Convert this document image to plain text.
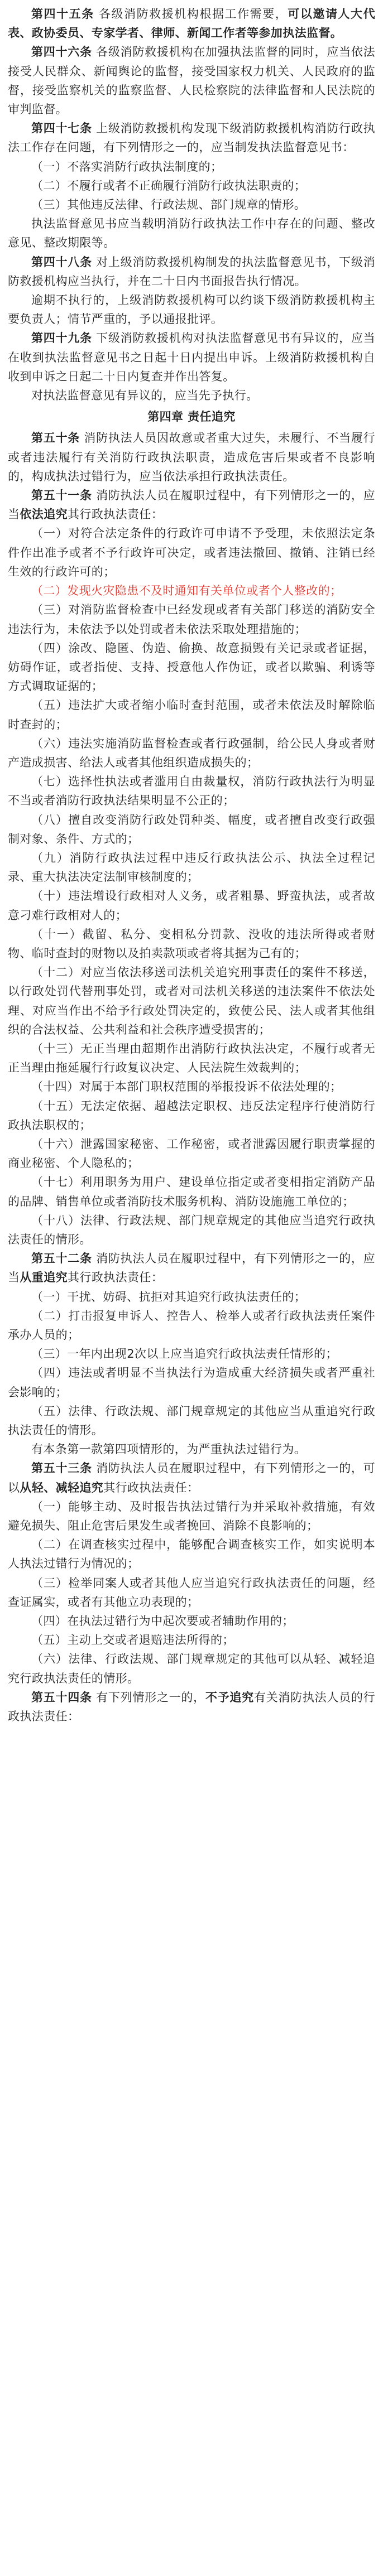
第四十五条 各级消防救援机构根据工作需要，可以邀请人大代表、政协委员、专家学者、律师、新闻工作者等参加执法监督。

第四十六条 各级消防救援机构在加强执法监督的同时，应当依法接受人民群众、新闻舆论的监督，接受国家权力机关、人民政府的监督，接受监察机关的监察监督、人民检察院的法律监督和人民法院的审判监督。

第四十七条 上级消防救援机构发现下级消防救援机构消防行政执法工作存在问题，有下列情形之一的，应当制发执法监督意见书：

（一）不落实消防行政执法制度的；

（二）不履行或者不正确履行消防行政执法职责的；

（三）其他违反法律、行政法规、部门规章的情形。

执法监督意见书应当载明消防行政执法工作中存在的问题、整改意见、整改期限等。

第四十八条 对上级消防救援机构制发的执法监督意见书，下级消防救援机构应当执行，并在二十日内书面报告执行情况。

逾期不执行的，上级消防救援机构可以约谈下级消防救援机构主要负责人；情节严重的，予以通报批评。

第四十九条 下级消防救援机构对执法监督意见书有异议的，应当在收到执法监督意见书之日起十日内提出申诉。上级消防救援机构自收到申诉之日起二十日内复查并作出答复。

对执法监督意见有异议的，应当先予执行。

第四章 责任追究

第五十条 消防执法人员因故意或者重大过失，未履行、不当履行或者违法履行有关消防行政执法职责，造成危害后果或者不良影响的，构成执法过错行为，应当依法承担行政执法责任。

第五十一条 消防执法人员在履职过程中，有下列情形之一的，应当依法追究其行政执法责任：

（一）对符合法定条件的行政许可申请不予受理，未依照法定条件作出准予或者不予行政许可决定，或者违法撤回、撤销、注销已经生效的行政许可的；

（二）发现火灾隐患不及时通知有关单位或者个人整改的；

（三）对消防监督检查中已经发现或者有关部门移送的消防安全违法行为，未依法予以处罚或者未依法采取处理措施的；

（四）涂改、隐匿、伪造、偷换、故意损毁有关记录或者证据，妨碍作证，或者指使、支持、授意他人作伪证，或者以欺骗、利诱等方式调取证据的；

（五）违法扩大或者缩小临时查封范围，或者未依法及时解除临时查封的；

（六）违法实施消防监督检查或者行政强制，给公民人身或者财产造成损害、给法人或者其他组织造成损失的；

（七）选择性执法或者滥用自由裁量权，消防行政执法行为明显不当或者消防行政执法结果明显不公正的；

（八）擅自改变消防行政处罚种类、幅度，或者擅自改变行政强制对象、条件、方式的；

（九）消防行政执法过程中违反行政执法公示、执法全过程记录、重大执法决定法制审核制度的；

（十）违法增设行政相对人义务，或者粗暴、野蛮执法，或者故意刁难行政相对人的；

（十一）截留、私分、变相私分罚款、没收的违法所得或者财物、临时查封的财物以及拍卖款项或者将其据为己有的；

（十二）对应当依法移送司法机关追究刑事责任的案件不移送，以行政处罚代替刑事处罚，或者对司法机关移送的违法案件不依法处理、对应当作出不给予行政处罚决定的，致使公民、法人或者其他组织的合法权益、公共利益和社会秩序遭受损害的；

（十三）无正当理由超期作出消防行政执法决定，不履行或者无正当理由拖延履行行政复议决定、人民法院生效裁判的；

（十四）对属于本部门职权范围的举报投诉不依法处理的；

（十五）无法定依据、超越法定职权、违反法定程序行使消防行政执法职权的；

（十六）泄露国家秘密、工作秘密，或者泄露因履行职责掌握的商业秘密、个人隐私的；

（十七）利用职务为用户、建设单位指定或者变相指定消防产品的品牌、销售单位或者消防技术服务机构、消防设施施工单位的；

（十八）法律、行政法规、部门规章规定的其他应当追究行政执法责任的情形。

第五十二条 消防执法人员在履职过程中，有下列情形之一的，应当从重追究其行政执法责任：

（一）干扰、妨碍、抗拒对其追究行政执法责任的；

（二）打击报复申诉人、控告人、检举人或者行政执法责任案件承办人员的；

（三）一年内出现2次以上应当追究行政执法责任情形的；

（四）违法或者明显不当执法行为造成重大经济损失或者严重社会影响的；

（五）法律、行政法规、部门规章规定的其他应当从重追究行政执法责任的情形。

有本条第一款第四项情形的，为严重执法过错行为。

第五十三条 消防执法人员在履职过程中，有下列情形之一的，可以从轻、减轻追究其行政执法责任：

（一）能够主动、及时报告执法过错行为并采取补救措施，有效避免损失、阻止危害后果发生或者挽回、消除不良影响的；

（二）在调查核实过程中，能够配合调查核实工作，如实说明本人执法过错行为情况的；

（三）检举同案人或者其他人应当追究行政执法责任的问题，经查证属实，或者有其他立功表现的；

（四）在执法过错行为中起次要或者辅助作用的；

（五）主动上交或者退赔违法所得的；

（六）法律、行政法规、部门规章规定的其他可以从轻、减轻追究行政执法责任的情形。

第五十四条 有下列情形之一的，不予追究有关消防执法人员的行政执法责任：
